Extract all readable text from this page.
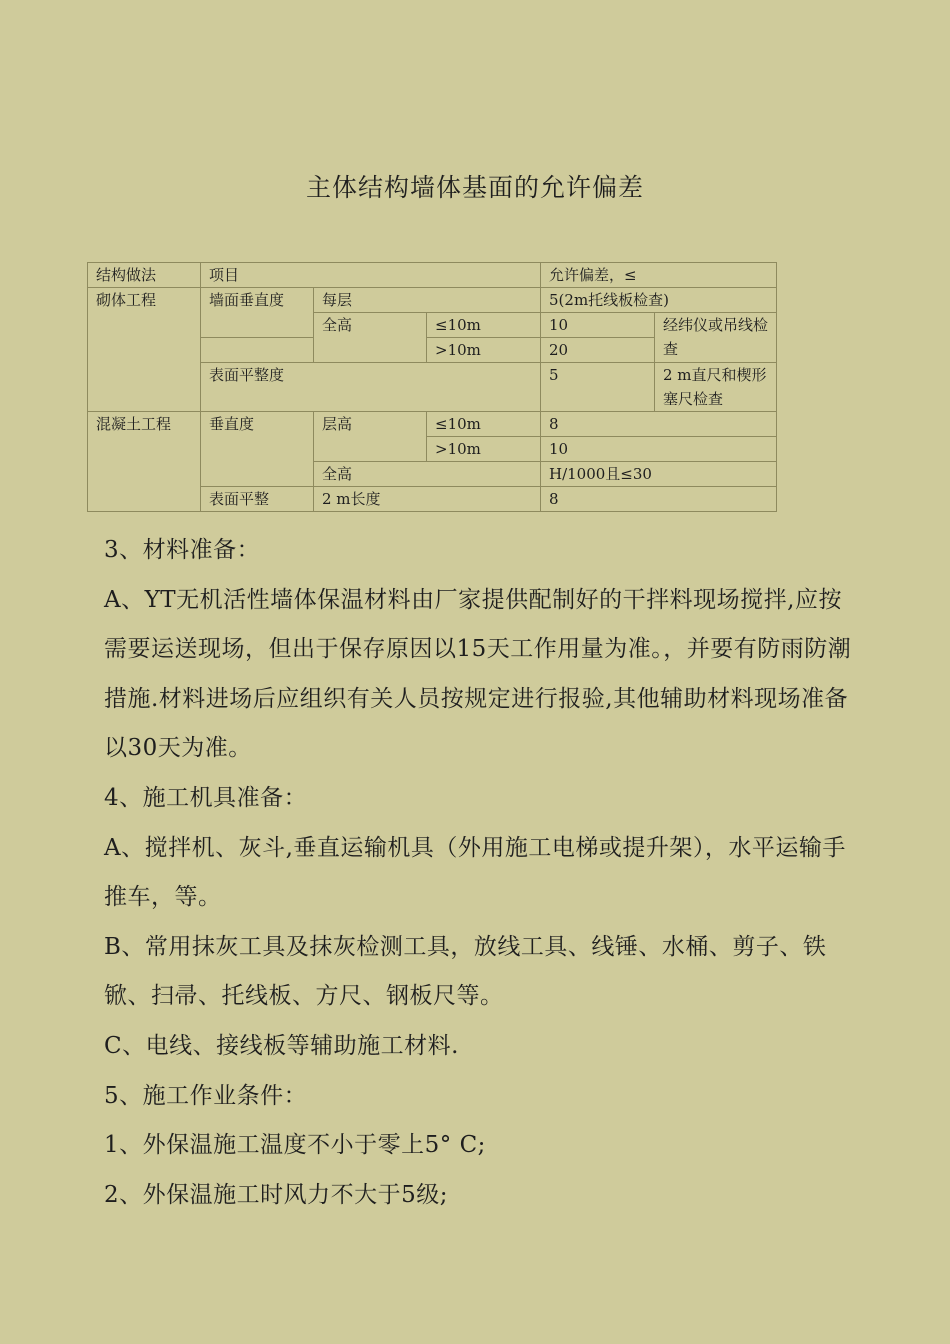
主体结构墙体基面的允许偏差
结构做法	项目			允许偏差，≤	
砌体工程	墙面垂直度	每层		5(2m托线板检查)	
		全高	≤10m	10	经纬仪或吊线检查
			>10m	20	
	表面平整度			5	2 m直尺和楔形塞尺检查

混凝土工程	垂直度	层高	≤10m	8	
			>10m	10	
		全高		H/1000且≤30	
	表面平整	2 m长度		8	

3、材料准备：

A、YT无机活性墙体保温材料由厂家提供配制好的干拌料现场搅拌,应按需要运送现场，但出于保存原因以15天工作用量为准。，并要有防雨防潮措施.材料进场后应组织有关人员按规定进行报验,其他辅助材料现场准备以30天为准。

4、施工机具准备：

A、搅拌机、灰斗,垂直运输机具（外用施工电梯或提升架），水平运输手推车，等。

B、常用抹灰工具及抹灰检测工具，放线工具、线锤、水桶、剪子、铁锨、扫帚、托线板、方尺、钢板尺等。

C、电线、接线板等辅助施工材料.

5、施工作业条件：

1、外保温施工温度不小于零上5° C;

2、外保温施工时风力不大于5级;
